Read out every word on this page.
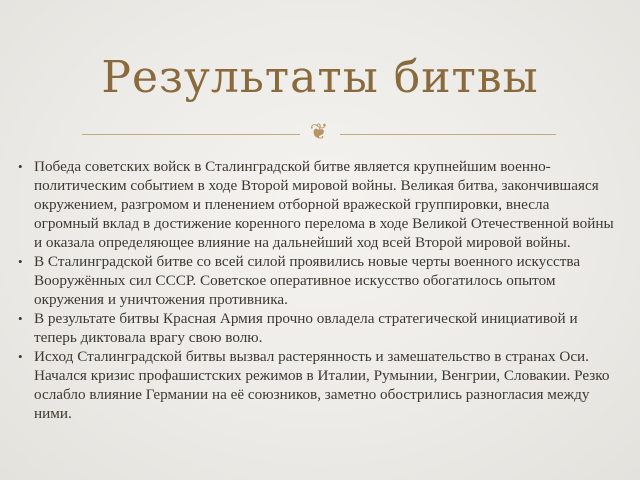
Результаты битвы
❦
• Победа советских войск в Сталинградской битве является крупнейшим военно-политическим событием в ходе Второй мировой войны. Великая битва, закончившаяся окружением, разгромом и пленением отборной вражеской группировки, внесла огромный вклад в достижение коренного перелома в ходе Великой Отечественной войны и оказала определяющее влияние на дальнейший ход всей Второй мировой войны.
• В Сталинградской битве со всей силой проявились новые черты военного искусства Вооружённых сил СССР. Советское оперативное искусство обогатилось опытом окружения и уничтожения противника.
• В результате битвы Красная Армия прочно овладела стратегической инициативой и теперь диктовала врагу свою волю.
• Исход Сталинградской битвы вызвал растерянность и замешательство в странах Оси. Начался кризис профашистских режимов в Италии, Румынии, Венгрии, Словакии. Резко ослабло влияние Германии на её союзников, заметно обострились разногласия между ними.
